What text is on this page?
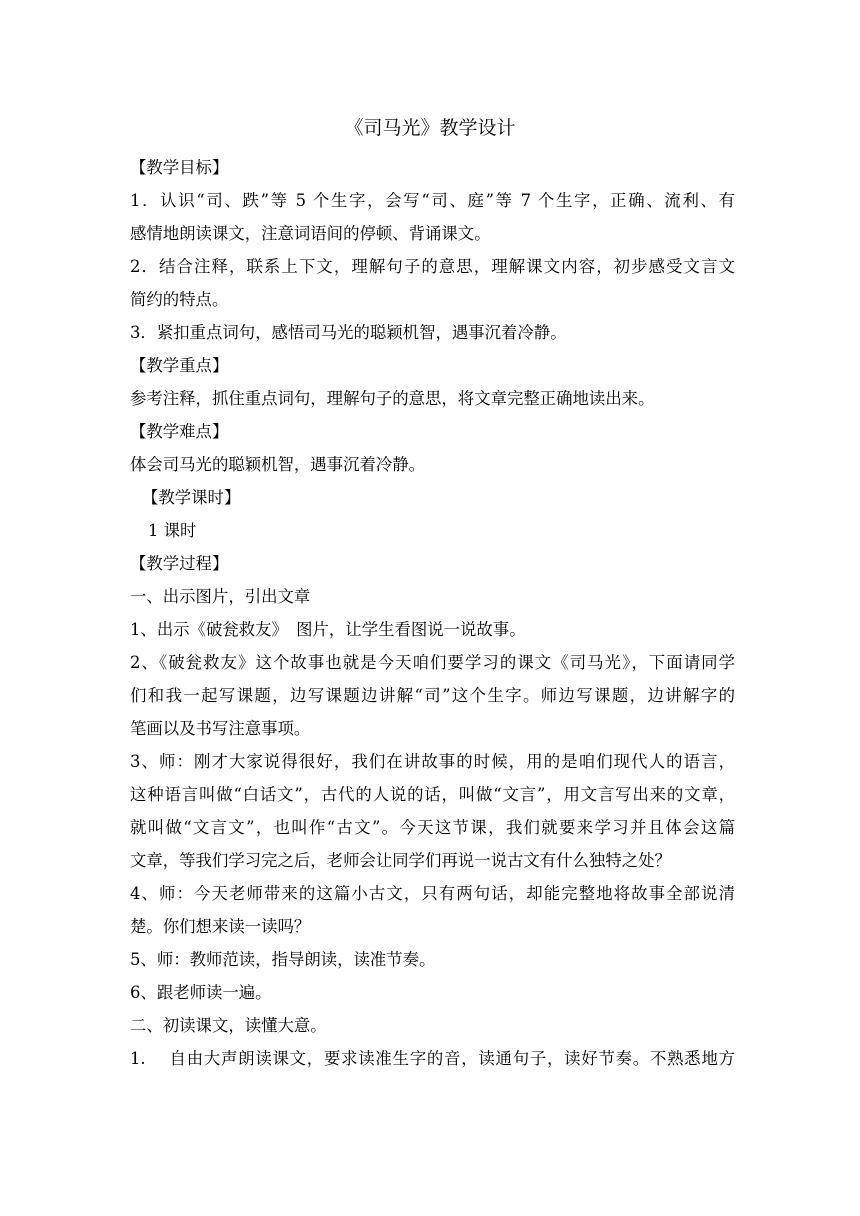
《司马光》教学设计
【教学目标】
1．认识“司、跌”等 5 个生字，会写“司、庭”等 7 个生字，正确、流利、有
感情地朗读课文，注意词语间的停顿、背诵课文。
2．结合注释，联系上下文，理解句子的意思，理解课文内容，初步感受文言文
简约的特点。
3．紧扣重点词句，感悟司马光的聪颖机智，遇事沉着冷静。
【教学重点】
参考注释，抓住重点词句，理解句子的意思，将文章完整正确地读出来。
【教学难点】
体会司马光的聪颖机智，遇事沉着冷静。
【教学课时】
1 课时
【教学过程】
一、出示图片，引出文章
1、出示《破瓮救友》　图片，让学生看图说一说故事。
2、《破瓮救友》这个故事也就是今天咱们要学习的课文《司马光》，下面请同学
们和我一起写课题，边写课题边讲解“司”这个生字。师边写课题，边讲解字的
笔画以及书写注意事项。
3、师：刚才大家说得很好，我们在讲故事的时候，用的是咱们现代人的语言，
这种语言叫做“白话文”，古代的人说的话，叫做“文言”，用文言写出来的文章，
就叫做“文言文”，也叫作“古文”。今天这节课，我们就要来学习并且体会这篇
文章，等我们学习完之后，老师会让同学们再说一说古文有什么独特之处？
4、师：今天老师带来的这篇小古文，只有两句话，却能完整地将故事全部说清
楚。你们想来读一读吗？
5、师：教师范读，指导朗读，读准节奏。
6、跟老师读一遍。
二、初读课文，读懂大意。
1.　 自由大声朗读课文，要求读准生字的音，读通句子，读好节奏。不熟悉地方
